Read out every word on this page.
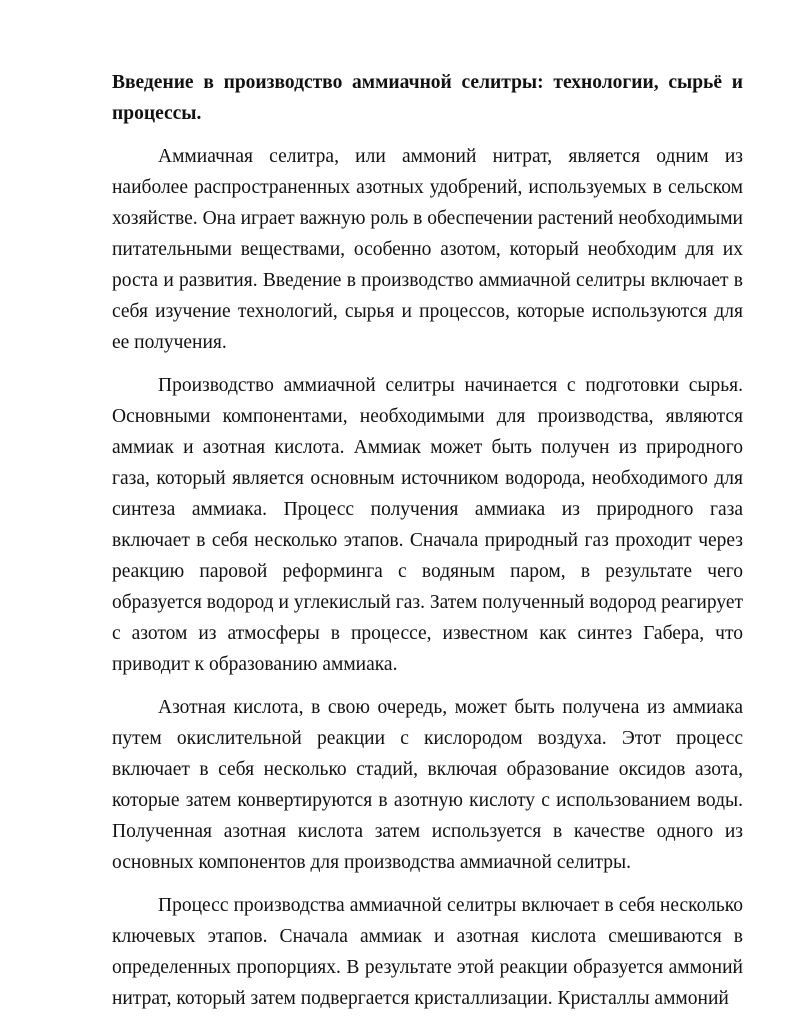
Введение в производство аммиачной селитры: технологии, сырьё и процессы.

Аммиачная селитра, или аммоний нитрат, является одним из наиболее распространенных азотных удобрений, используемых в сельском хозяйстве. Она играет важную роль в обеспечении растений необходимыми питательными веществами, особенно азотом, который необходим для их роста и развития. Введение в производство аммиачной селитры включает в себя изучение технологий, сырья и процессов, которые используются для ее получения.

Производство аммиачной селитры начинается с подготовки сырья. Основными компонентами, необходимыми для производства, являются аммиак и азотная кислота. Аммиак может быть получен из природного газа, который является основным источником водорода, необходимого для синтеза аммиака. Процесс получения аммиака из природного газа включает в себя несколько этапов. Сначала природный газ проходит через реакцию паровой реформинга с водяным паром, в результате чего образуется водород и углекислый газ. Затем полученный водород реагирует с азотом из атмосферы в процессе, известном как синтез Габера, что приводит к образованию аммиака.

Азотная кислота, в свою очередь, может быть получена из аммиака путем окислительной реакции с кислородом воздуха. Этот процесс включает в себя несколько стадий, включая образование оксидов азота, которые затем конвертируются в азотную кислоту с использованием воды. Полученная азотная кислота затем используется в качестве одного из основных компонентов для производства аммиачной селитры.

Процесс производства аммиачной селитры включает в себя несколько ключевых этапов. Сначала аммиак и азотная кислота смешиваются в определенных пропорциях. В результате этой реакции образуется аммоний нитрат, который затем подвергается кристаллизации. Кристаллы аммоний
